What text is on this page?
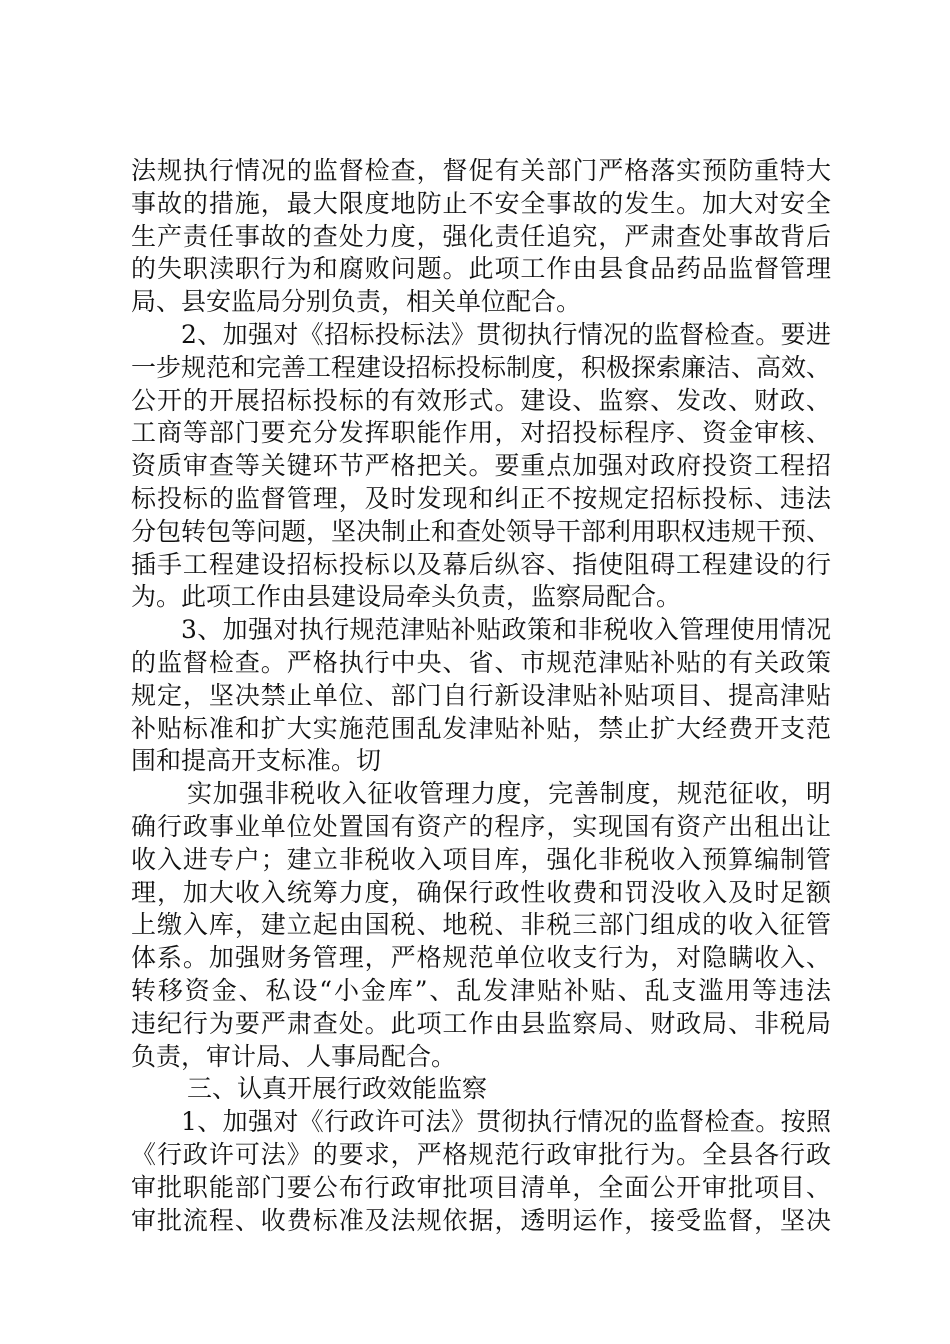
法规执行情况的监督检查，督促有关部门严格落实预防重特大
事故的措施，最大限度地防止不安全事故的发生。加大对安全
生产责任事故的查处力度，强化责任追究，严肃查处事故背后
的失职渎职行为和腐败问题。此项工作由县食品药品监督管理
局、县安监局分别负责，相关单位配合。
2、加强对《招标投标法》贯彻执行情况的监督检查。要进
一步规范和完善工程建设招标投标制度，积极探索廉洁、高效、
公开的开展招标投标的有效形式。建设、监察、发改、财政、
工商等部门要充分发挥职能作用，对招投标程序、资金审核、
资质审查等关键环节严格把关。要重点加强对政府投资工程招
标投标的监督管理，及时发现和纠正不按规定招标投标、违法
分包转包等问题，坚决制止和查处领导干部利用职权违规干预、
插手工程建设招标投标以及幕后纵容、指使阻碍工程建设的行
为。此项工作由县建设局牵头负责，监察局配合。
3、加强对执行规范津贴补贴政策和非税收入管理使用情况
的监督检查。严格执行中央、省、市规范津贴补贴的有关政策
规定，坚决禁止单位、部门自行新设津贴补贴项目、提高津贴
补贴标准和扩大实施范围乱发津贴补贴，禁止扩大经费开支范
围和提高开支标准。切
实加强非税收入征收管理力度，完善制度，规范征收，明
确行政事业单位处置国有资产的程序，实现国有资产出租出让
收入进专户；建立非税收入项目库，强化非税收入预算编制管
理，加大收入统筹力度，确保行政性收费和罚没收入及时足额
上缴入库，建立起由国税、地税、非税三部门组成的收入征管
体系。加强财务管理，严格规范单位收支行为，对隐瞒收入、
转移资金、私设“小金库”、乱发津贴补贴、乱支滥用等违法
违纪行为要严肃查处。此项工作由县监察局、财政局、非税局
负责，审计局、人事局配合。
三、认真开展行政效能监察
1、加强对《行政许可法》贯彻执行情况的监督检查。按照
《行政许可法》的要求，严格规范行政审批行为。全县各行政
审批职能部门要公布行政审批项目清单，全面公开审批项目、
审批流程、收费标准及法规依据，透明运作，接受监督，坚决
